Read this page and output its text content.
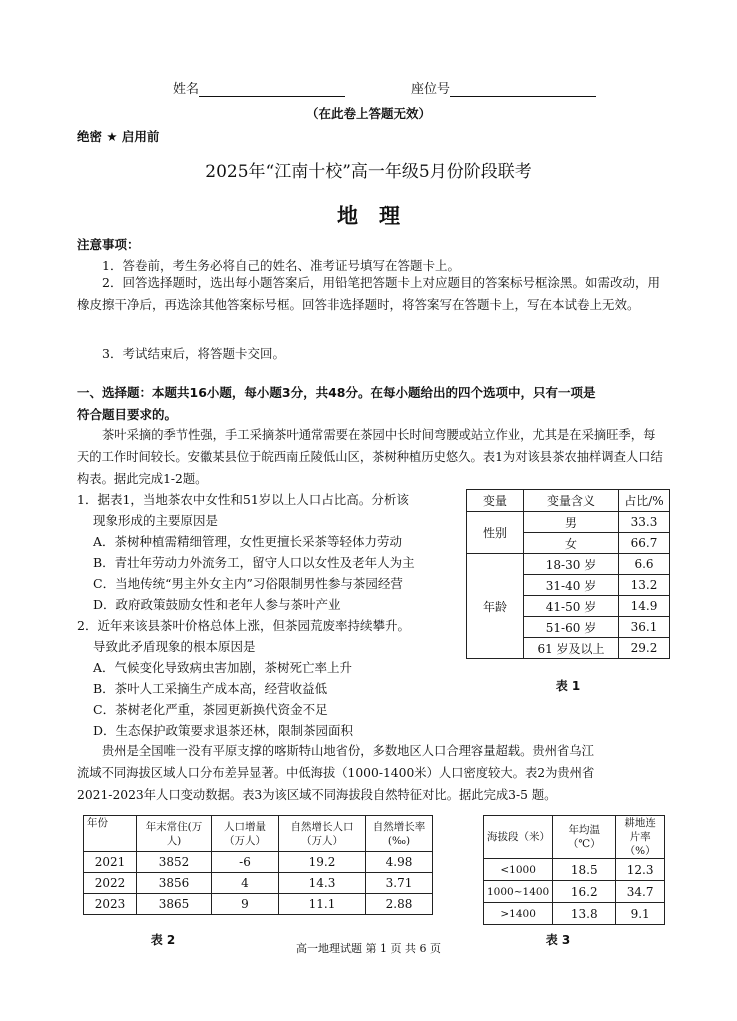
姓名	座位号
（在此卷上答题无效）
绝密 ★ 启用前
2025年“江南十校”高一年级5月份阶段联考
地　理
注意事项：
1．答卷前，考生务必将自己的姓名、准考证号填写在答题卡上。
2．回答选择题时，选出每小题答案后，用铅笔把答题卡上对应题目的答案标号框涂黑。如需改动，用橡皮擦干净后，再选涂其他答案标号框。回答非选择题时，将答案写在答题卡上，写在本试卷上无效。
3．考试结束后，将答题卡交回。
一、选择题：本题共16小题，每小题3分，共48分。在每小题给出的四个选项中，只有一项是
符合题目要求的。
茶叶采摘的季节性强，手工采摘茶叶通常需要在茶园中长时间弯腰或站立作业，尤其是在采摘旺季，每天的工作时间较长。安徽某县位于皖西南丘陵低山区，茶树种植历史悠久。表1为对该县茶农抽样调查人口结构表。据此完成1-2题。
1．据表1，当地茶农中女性和51岁以上人口占比高。分析该
现象形成的主要原因是
A．茶树种植需精细管理，女性更擅长采茶等轻体力劳动
B．青壮年劳动力外流务工，留守人口以女性及老年人为主
C．当地传统“男主外女主内”习俗限制男性参与茶园经营
D．政府政策鼓励女性和老年人参与茶叶产业
2．近年来该县茶叶价格总体上涨，但茶园荒废率持续攀升。
导致此矛盾现象的根本原因是
A．气候变化导致病虫害加剧，茶树死亡率上升
B．茶叶人工采摘生产成本高，经营收益低
C．茶树老化严重，茶园更新换代资金不足
D．生态保护政策要求退茶还林，限制茶园面积
变量	变量含义	占比/%
性别	男	33.3
	女	66.7
年龄	18-30 岁	6.6
	31-40 岁	13.2
	41-50 岁	14.9
	51-60 岁	36.1
	61 岁及以上	29.2
表 1
贵州是全国唯一没有平原支撑的喀斯特山地省份，多数地区人口合理容量超载。贵州省乌江
流域不同海拔区域人口分布差异显著。中低海拔（1000-1400米）人口密度较大。表2为贵州省
2021-2023年人口变动数据。表3为该区域不同海拔段自然特征对比。据此完成3-5 题。
年份	年末常住(万人)	人口增量（万人）	自然增长人口（万人）	自然增长率(‰)
2021	3852	-6	19.2	4.98
2022	3856	4	14.3	3.71
2023	3865	9	11.1	2.88
表 2
海拔段（米）	年均温（℃）	耕地连片率（%）
<1000	18.5	12.3
1000~1400	16.2	34.7
>1400	13.8	9.1
表 3
高一地理试题 第 1 页 共 6 页
